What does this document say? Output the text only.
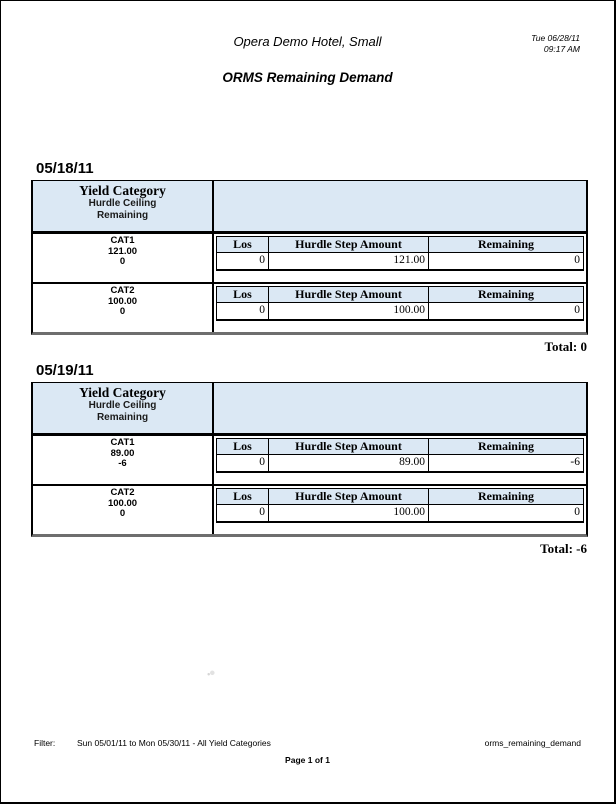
Opera Demo Hotel, Small	Tue 06/28/11
09:17 AM
ORMS Remaining Demand
05/18/11
Yield Category
Hurdle Ceiling
Remaining
CAT1
121.00
0
Los	Hurdle Step Amount	Remaining
0	121.00	0
CAT2
100.00
0
Los	Hurdle Step Amount	Remaining
0	100.00	0
Total: 0
05/19/11
Yield Category
Hurdle Ceiling
Remaining
CAT1
89.00
-6
Los	Hurdle Step Amount	Remaining
0	89.00	-6
CAT2
100.00
0
Los	Hurdle Step Amount	Remaining
0	100.00	0
Total: -6
Filter:	Sun 05/01/11 to Mon 05/30/11 - All Yield Categories	orms_remaining_demand
Page 1 of 1
